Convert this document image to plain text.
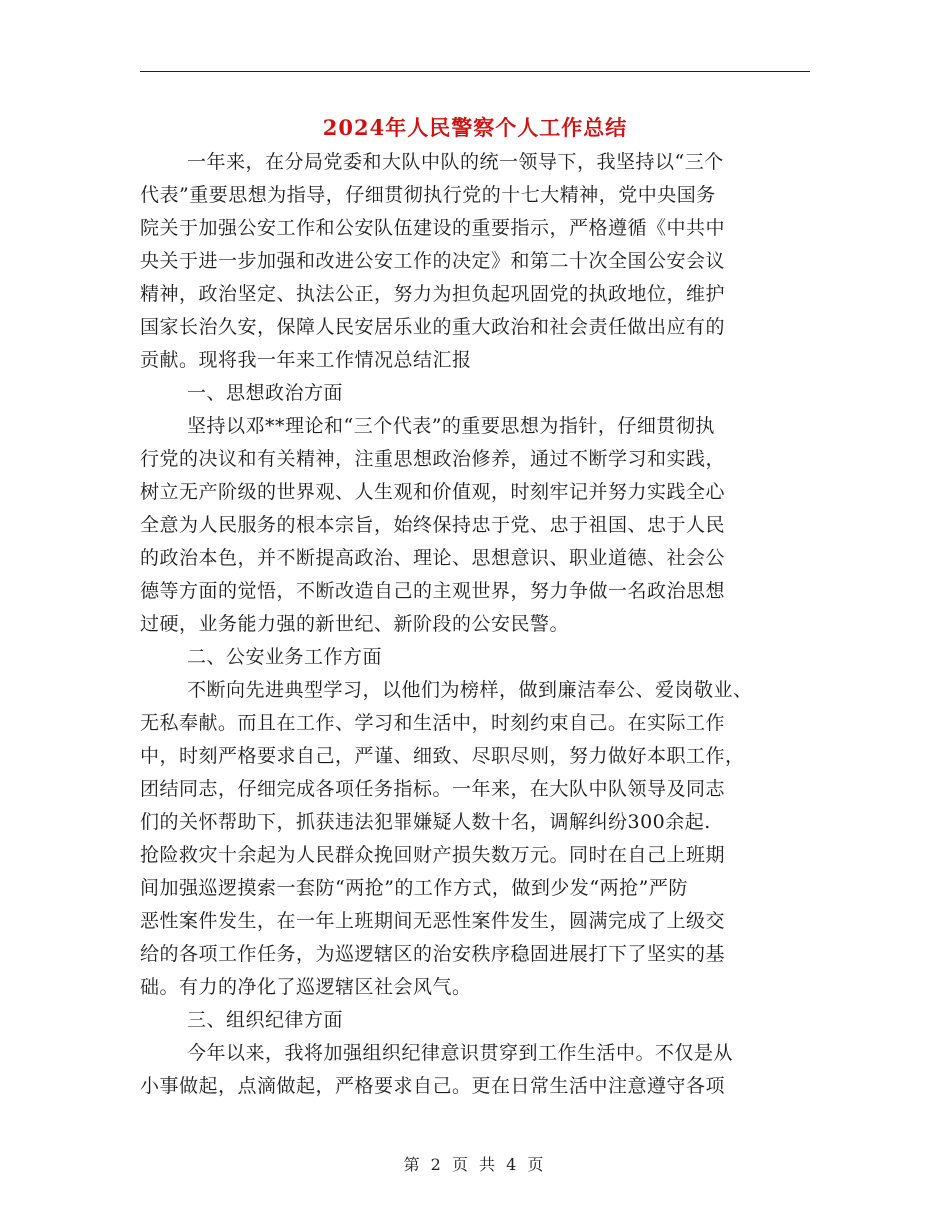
2024年人民警察个人工作总结
一年来，在分局党委和大队中队的统一领导下，我坚持以“三个
代表”重要思想为指导，仔细贯彻执行党的十七大精神，党中央国务
院关于加强公安工作和公安队伍建设的重要指示，严格遵循《中共中
央关于进一步加强和改进公安工作的决定》和第二十次全国公安会议
精神，政治坚定、执法公正，努力为担负起巩固党的执政地位，维护
国家长治久安，保障人民安居乐业的重大政治和社会责任做出应有的
贡献。现将我一年来工作情况总结汇报
一、思想政治方面
坚持以邓**理论和“三个代表”的重要思想为指针，仔细贯彻执
行党的决议和有关精神，注重思想政治修养，通过不断学习和实践，
树立无产阶级的世界观、人生观和价值观，时刻牢记并努力实践全心
全意为人民服务的根本宗旨，始终保持忠于党、忠于祖国、忠于人民
的政治本色，并不断提高政治、理论、思想意识、职业道德、社会公
德等方面的觉悟，不断改造自己的主观世界，努力争做一名政治思想
过硬，业务能力强的新世纪、新阶段的公安民警。
二、公安业务工作方面
不断向先进典型学习，以他们为榜样，做到廉洁奉公、爱岗敬业、
无私奉献。而且在工作、学习和生活中，时刻约束自己。在实际工作
中，时刻严格要求自己，严谨、细致、尽职尽则，努力做好本职工作，
团结同志，仔细完成各项任务指标。一年来，在大队中队领导及同志
们的关怀帮助下，抓获违法犯罪嫌疑人数十名，调解纠纷300余起.
抢险救灾十余起为人民群众挽回财产损失数万元。同时在自己上班期
间加强巡逻摸索一套防“两抢”的工作方式，做到少发“两抢”严防
恶性案件发生，在一年上班期间无恶性案件发生，圆满完成了上级交
给的各项工作任务，为巡逻辖区的治安秩序稳固进展打下了坚实的基
础。有力的净化了巡逻辖区社会风气。
三、组织纪律方面
今年以来，我将加强组织纪律意识贯穿到工作生活中。不仅是从
小事做起，点滴做起，严格要求自己。更在日常生活中注意遵守各项
第 2 页 共 4 页
